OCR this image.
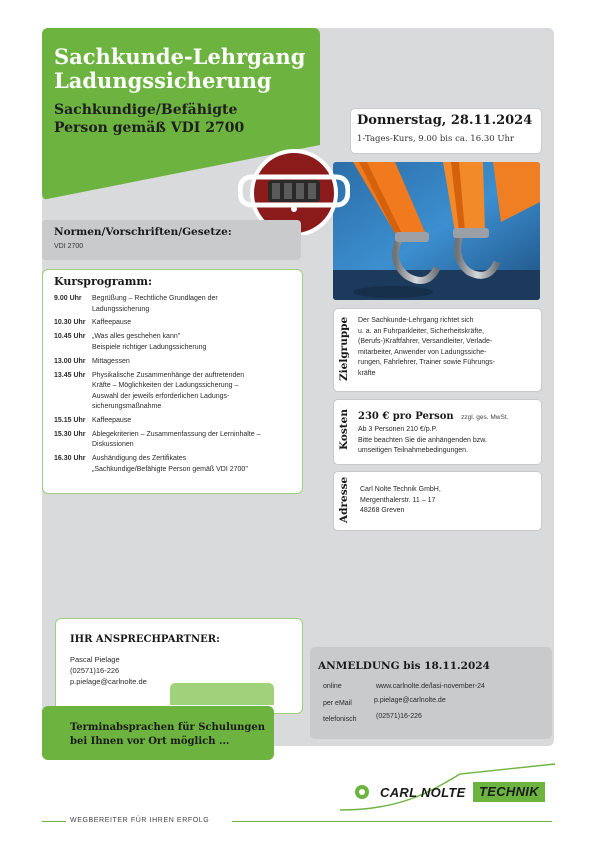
Sachkunde-Lehrgang
Ladungssicherung
Sachkundige/Befähigte
Person gemäß VDI 2700	Donnerstag, 28.11.2024
1-Tages-Kurs, 9.00 bis ca. 16.30 Uhr
Normen/Vorschriften/Gesetze:
VDI 2700
Kursprogramm:
9.00 Uhr	Begrüßung – Rechtliche Grundlagen der
Ladungssicherung
10.30 Uhr Kaffeepause
10.45 Uhr „Was alles geschehen kann"
Beispiele richtiger Ladungssicherung
13.00 Uhr Mittagessen
13.45 Uhr Physikalische Zusammenhänge der auftretenden
Kräfte – Möglichkeiten der Ladungssicherung –
Auswahl der jeweils erforderlichen Ladungs-
sicherungsmaßnahme
15.15 Uhr Kaffeepause
15.30 Uhr Ablegekriterien – Zusammenfassung der Lerninhalte –
Diskussionen
16.30 Uhr Aushändigung des Zertifikates
„Sachkundige/Befähigte Person gemäß VDI 2700"
Zielgruppe Der Sachkunde-Lehrgang richtet sich
u. a. an Fuhrparkleiter, Sicherheitskräfte,
(Berufs-)Kraftfahrer, Versandleiter, Verlade-
mitarbeiter, Anwender von Ladungssiche-
rungen, Fahrlehrer, Trainer sowie Führungs-
kräfte
Kosten 230 € pro Person zzgl. ges. MwSt.
Ab 3 Personen 210 €/p.P.
Bitte beachten Sie die anhängenden bzw.
umseitigen Teilnahmebedingungen.
Adresse Carl Nolte Technik GmbH,
Mergenthalerstr. 11 – 17
48268 Greven
IHR ANSPRECHPARTNER:
Pascal Pielage
(02571)16-226
p.pielage@carlnolte.de
Terminabsprachen für Schulungen bei Ihnen vor Ort möglich ...
ANMELDUNG bis 18.11.2024
online	www.carlnolte.de/lasi-november-24
per eMail	p.pielage@carlnolte.de
telefonisch	(02571)16-226
CARL NOLTE	TECHNIK
WEGBEREITER FÜR IHREN ERFOLG
